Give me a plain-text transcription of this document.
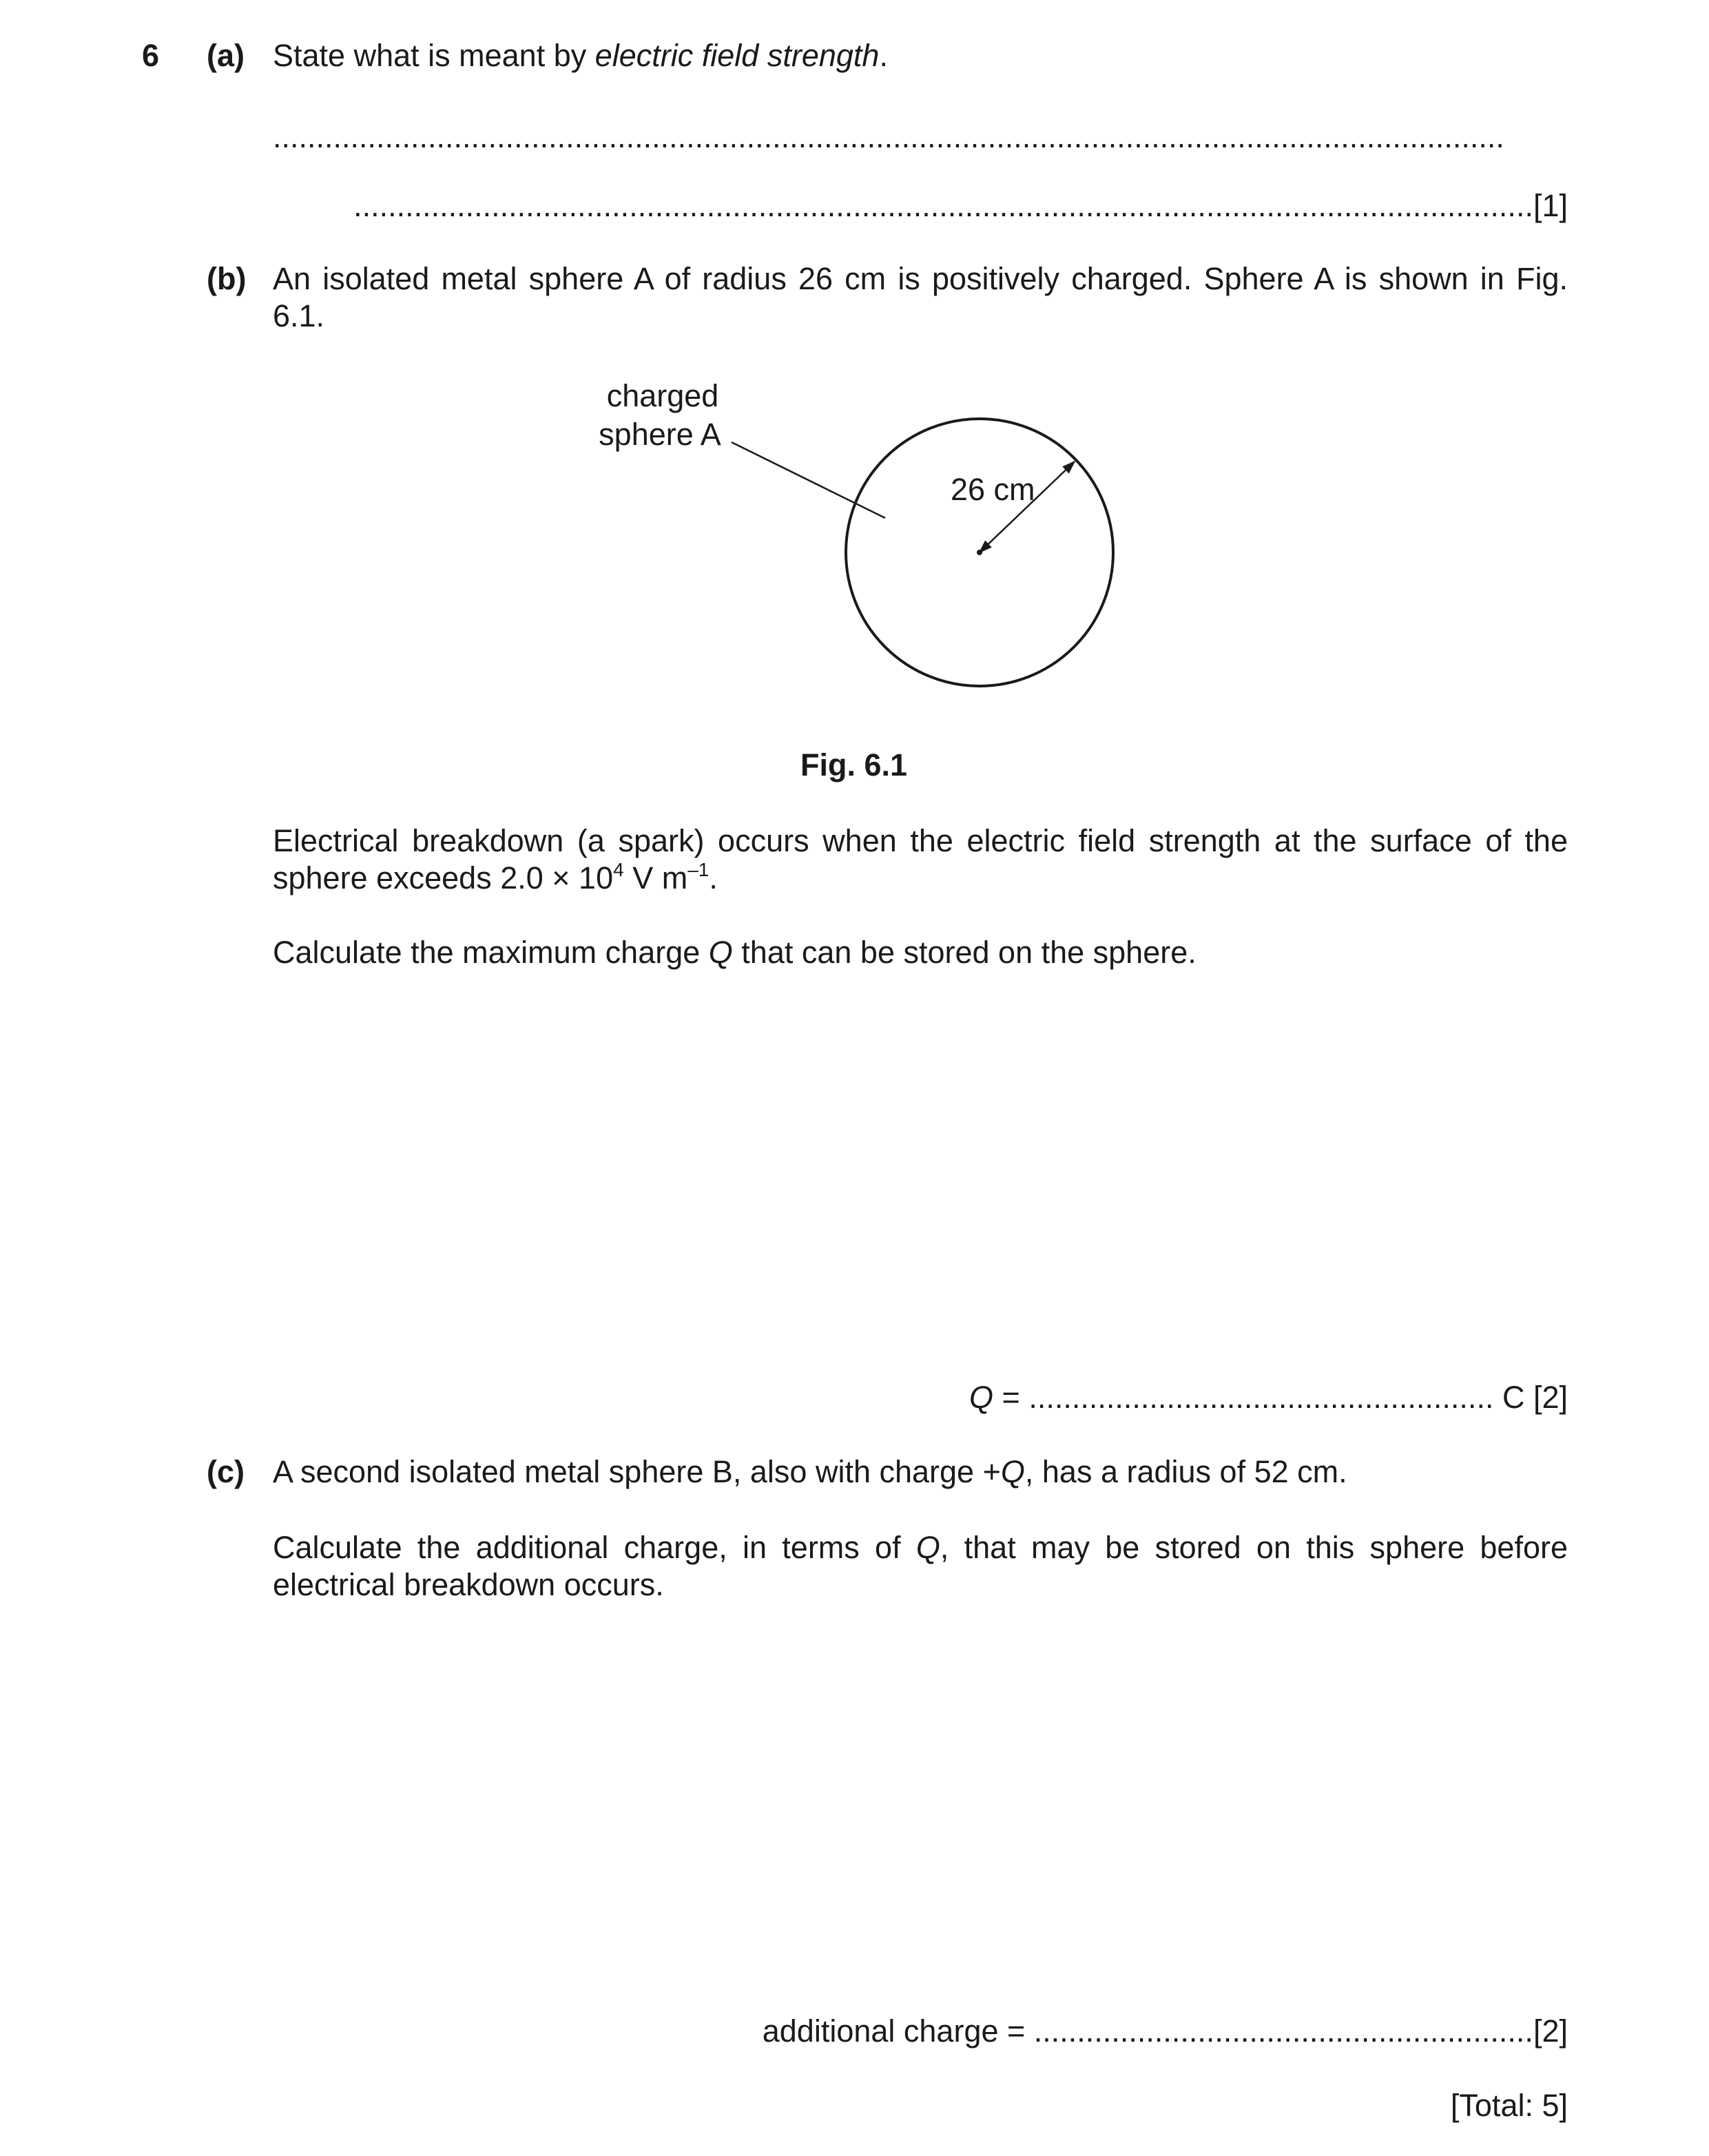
6 (a) State what is meant by electric field strength.
...............................................................................................................................................
.........................................................................................................................................[1]
(b) An isolated metal sphere A of radius 26 cm is positively charged. Sphere A is shown in Fig. 6.1.
charged
sphere A
26 cm
Fig. 6.1
Electrical breakdown (a spark) occurs when the electric field strength at the surface of the sphere exceeds $2.0 \times 10^4$ V $m^{-1}$.
Calculate the maximum charge Q that can be stored on the sphere.
Q = ...................................................... C [2]
(c) A second isolated metal sphere B, also with charge +Q, has a radius of 52 cm.
Calculate the additional charge, in terms of Q, that may be stored on this sphere before electrical breakdown occurs.
additional charge = ..........................................................[2]
[Total: 5]
